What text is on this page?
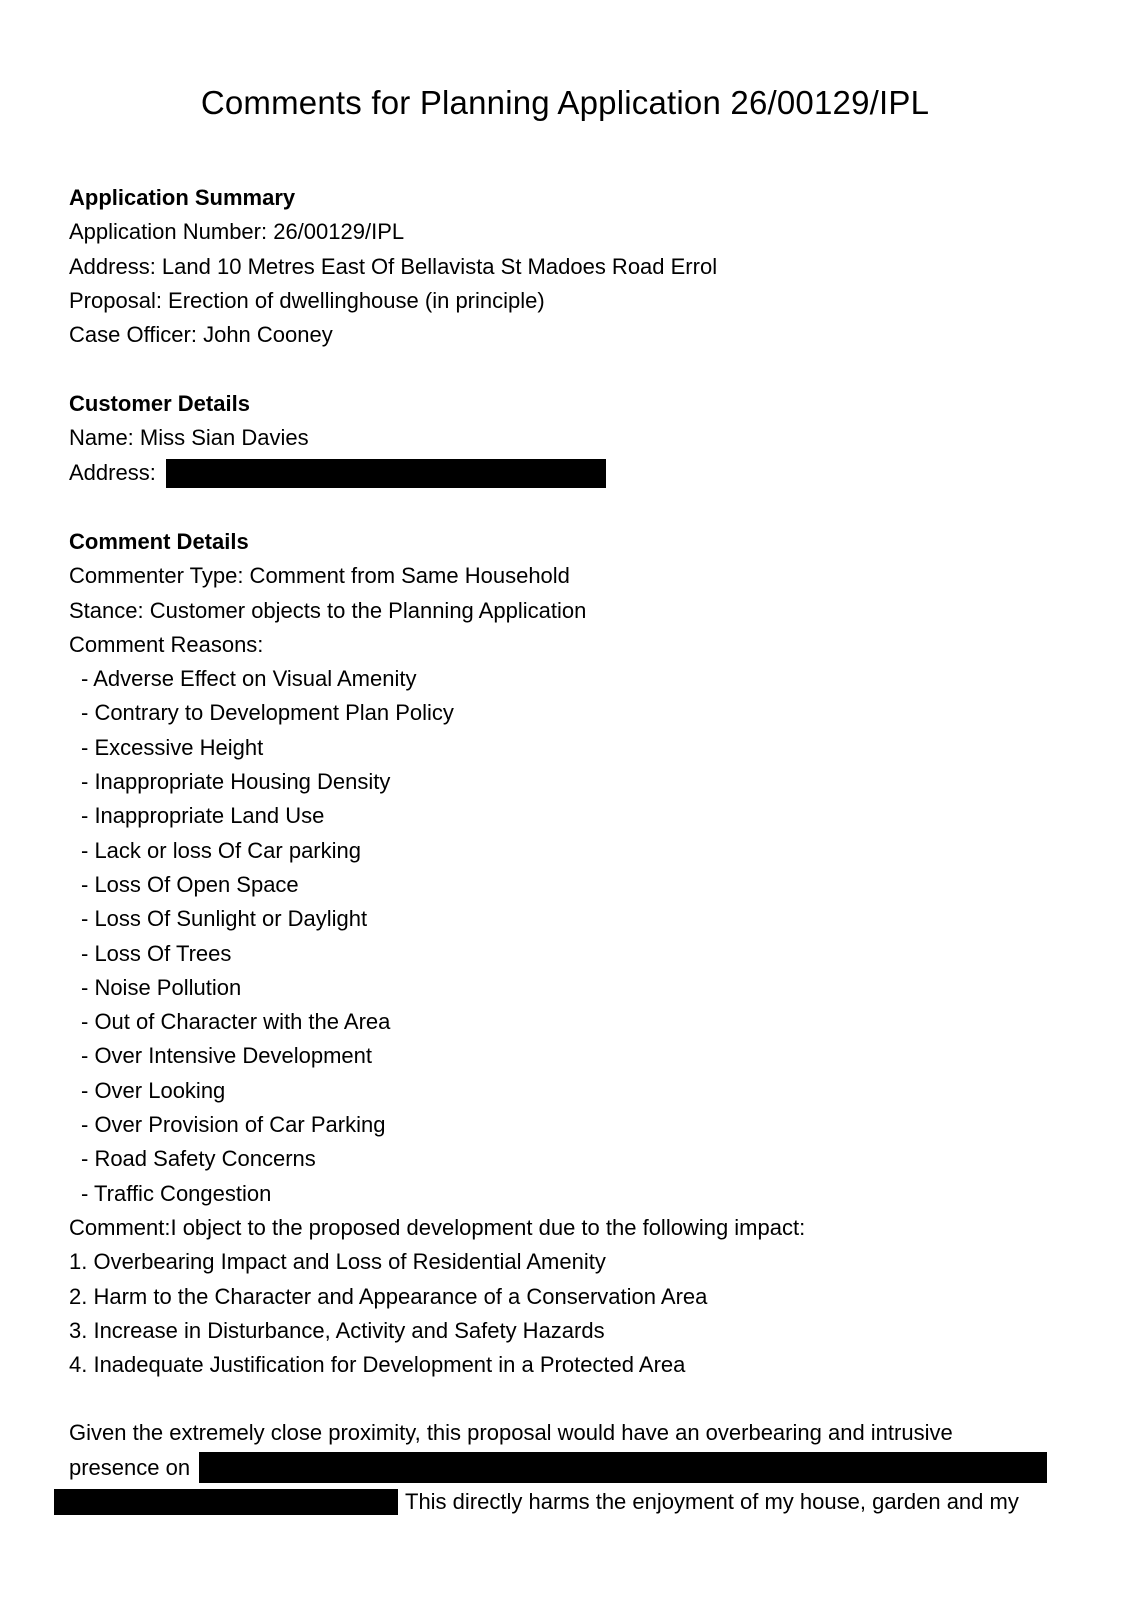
Comments for Planning Application 26/00129/IPL
Application Summary
Application Number: 26/00129/IPL
Address: Land 10 Metres East Of Bellavista St Madoes Road Errol
Proposal: Erection of dwellinghouse (in principle)
Case Officer: John Cooney
Customer Details
Name: Miss Sian Davies
Address:
Comment Details
Commenter Type: Comment from Same Household
Stance: Customer objects to the Planning Application
Comment Reasons:
- Adverse Effect on Visual Amenity
- Contrary to Development Plan Policy
- Excessive Height
- Inappropriate Housing Density
- Inappropriate Land Use
- Lack or loss Of Car parking
- Loss Of Open Space
- Loss Of Sunlight or Daylight
- Loss Of Trees
- Noise Pollution
- Out of Character with the Area
- Over Intensive Development
- Over Looking
- Over Provision of Car Parking
- Road Safety Concerns
- Traffic Congestion
Comment:I object to the proposed development due to the following impact:
1. Overbearing Impact and Loss of Residential Amenity
2. Harm to the Character and Appearance of a Conservation Area
3. Increase in Disturbance, Activity and Safety Hazards
4. Inadequate Justification for Development in a Protected Area
Given the extremely close proximity, this proposal would have an overbearing and intrusive
presence on
This directly harms the enjoyment of my house, garden and my
